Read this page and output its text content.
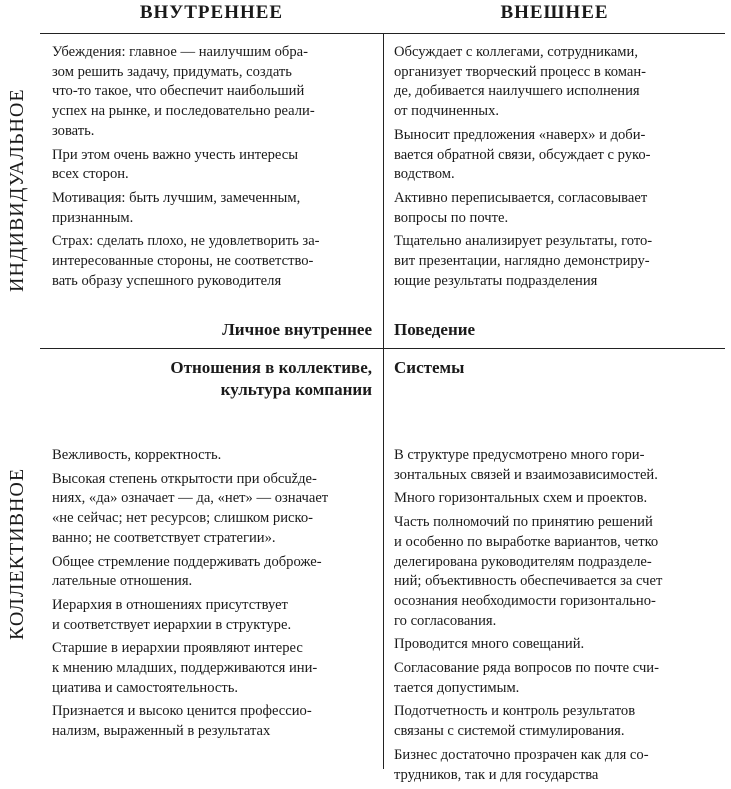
ВНУТРЕННЕЕ	ВНЕШНЕЕ
ИНДИВИДУАЛЬНОЕ
КОЛЛЕКТИВНОЕ

Убеждения: главное — наилучшим обра-
зом решить задачу, придумать, создать
что-то такое, что обеспечит наибольший
успех на рынке, и последовательно реали-
зовать.

При этом очень важно учесть интересы
всех сторон.

Мотивация: быть лучшим, замеченным,
признанным.

Страх: сделать плохо, не удовлетворить за-
интересованные стороны, не соответство-
вать образу успешного руководителя

Личное внутреннее

Обсуждает с коллегами, сотрудниками,
организует творческий процесс в коман-
де, добивается наилучшего исполнения
от подчиненных.

Выносит предложения «наверх» и доби-
вается обратной связи, обсуждает с руко-
водством.

Активно переписывается, согласовывает
вопросы по почте.

Тщательно анализирует результаты, гото-
вит презентации, наглядно демонстриру-
ющие результаты подразделения

Поведение
Отношения в коллективе,
культура компании

Вежливость, корректность.

Высокая степень открытости при обсužде-
ниях, «да» означает — да, «нет» — означает
«не сейчас; нет ресурсов; слишком риско-
ванно; не соответствует стратегии».

Общее стремление поддерживать доброже-
лательные отношения.

Иерархия в отношениях присутствует
и соответствует иерархии в структуре.

Старшие в иерархии проявляют интерес
к мнению младших, поддерживаются ини-
циатива и самостоятельность.

Признается и высоко ценится профессио-
нализм, выраженный в результатах

Системы

В структуре предусмотрено много гори-
зонтальных связей и взаимозависимостей.

Много горизонтальных схем и проектов.

Часть полномочий по принятию решений
и особенно по выработке вариантов, четко
делегирована руководителям подразделе-
ний; объективность обеспечивается за счет
осознания необходимости горизонтально-
го согласования.

Проводится много совещаний.

Согласование ряда вопросов по почте счи-
тается допустимым.

Подотчетность и контроль результатов
связаны с системой стимулирования.

Бизнес достаточно прозрачен как для со-
трудников, так и для государства
